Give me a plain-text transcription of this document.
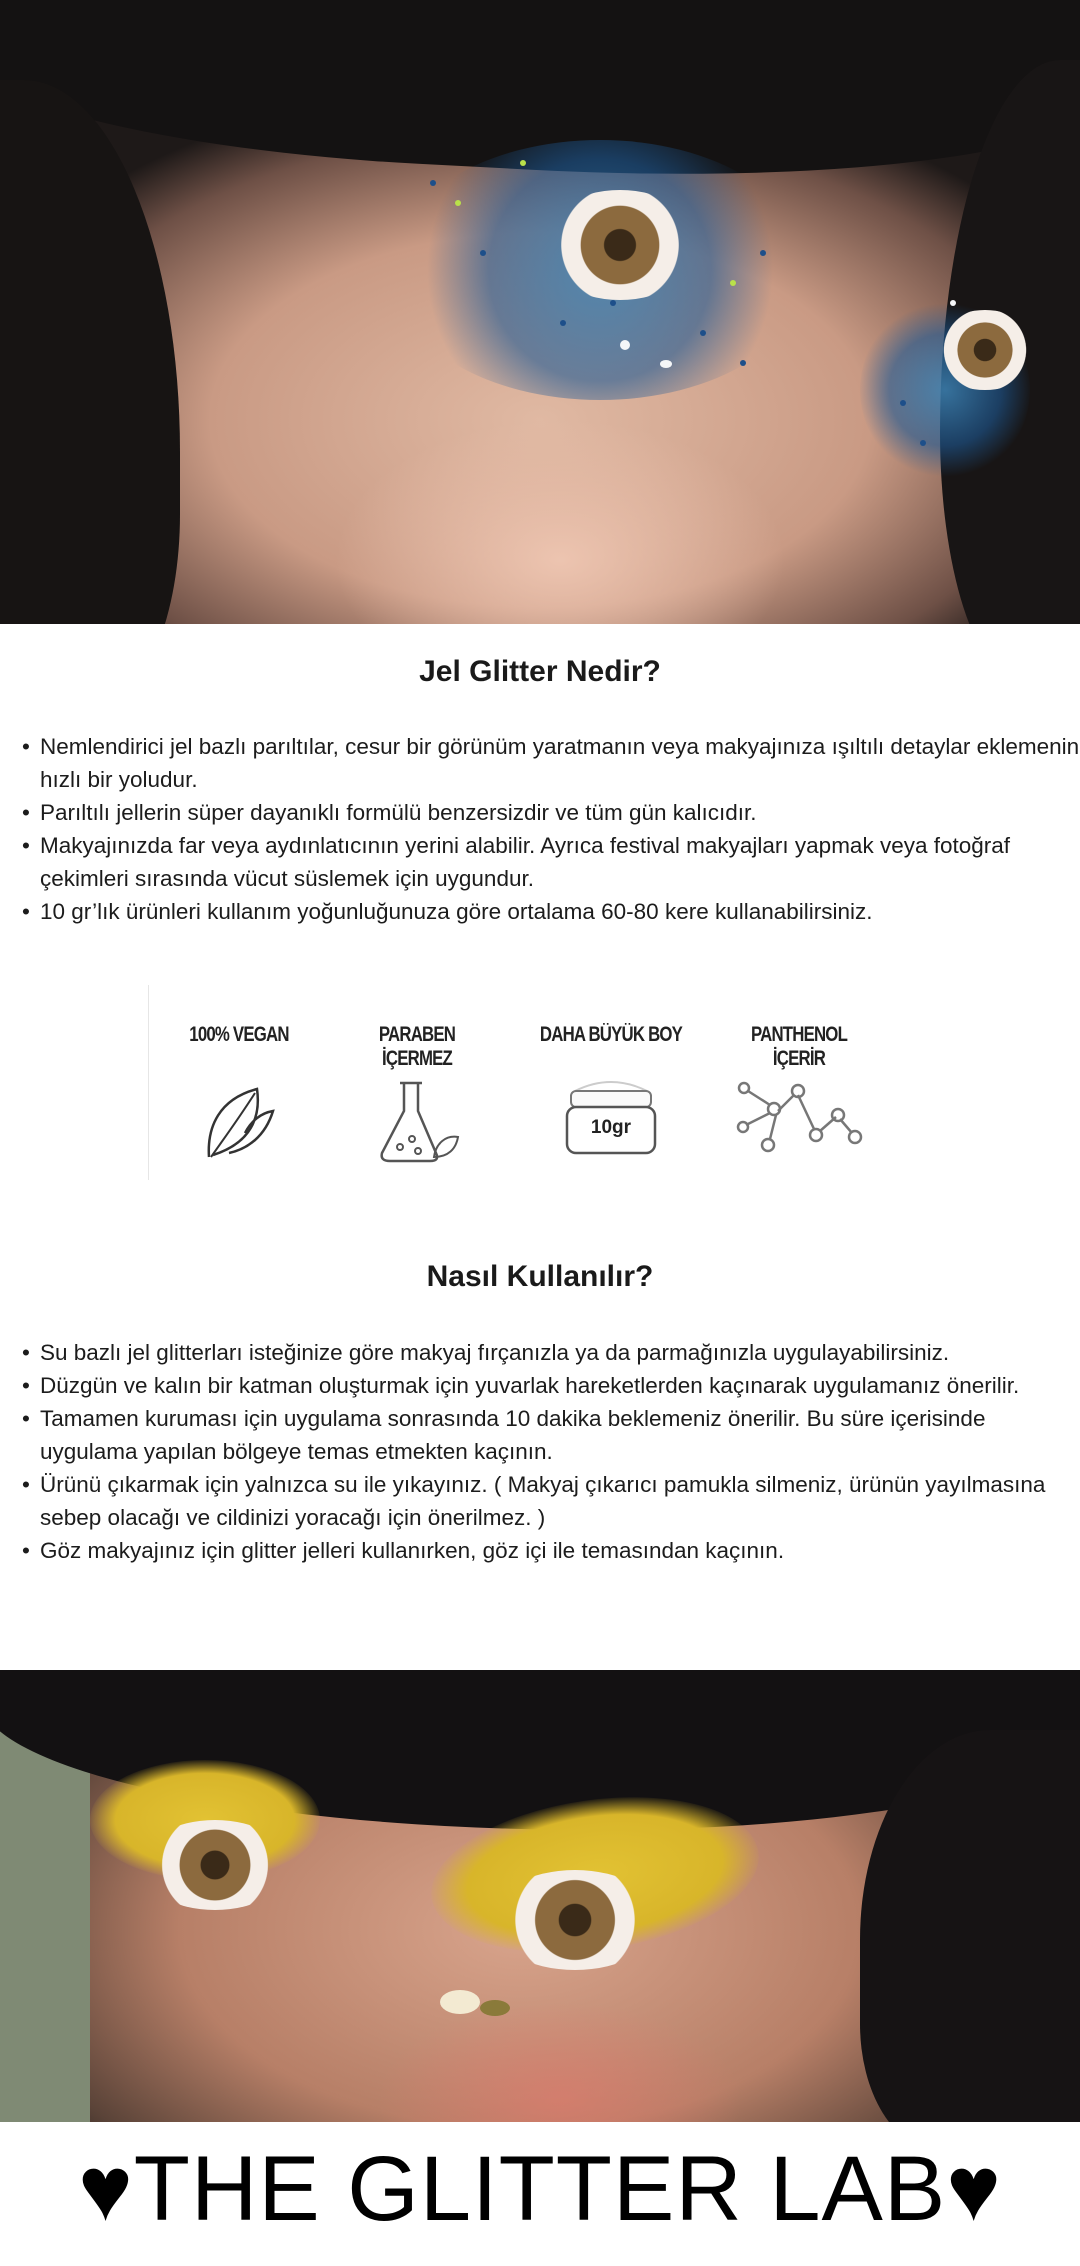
Jel Glitter Nedir?
• Nemlendirici jel bazlı parıltılar, cesur bir görünüm yaratmanın veya makyajınıza ışıltılı detaylar eklemenin hızlı bir yoludur.
• Parıltılı jellerin süper dayanıklı formülü benzersizdir ve tüm gün kalıcıdır.
• Makyajınızda far veya aydınlatıcının yerini alabilir. Ayrıca festival makyajları yapmak veya fotoğraf çekimleri sırasında vücut süslemek için uygundur.
• 10 gr’lık ürünleri kullanım yoğunluğunuza göre ortalama 60-80 kere kullanabilirsiniz.
100% VEGAN	PARABEN İÇERMEZ
DAHA BÜYÜK BOY
10gr
PANTHENOL İÇERİR
Nasıl Kullanılır?
• Su bazlı jel glitterları isteğinize göre makyaj fırçanızla ya da parmağınızla uygulayabilirsiniz.
• Düzgün ve kalın bir katman oluşturmak için yuvarlak hareketlerden kaçınarak uygulamanız önerilir.
• Tamamen kuruması için uygulama sonrasında 10 dakika beklemeniz önerilir. Bu süre içerisinde uygulama yapılan bölgeye temas etmekten kaçının.
• Ürünü çıkarmak için yalnızca su ile yıkayınız. ( Makyaj çıkarıcı pamukla silmeniz, ürünün yayılmasına sebep olacağı ve cildinizi yoracağı için önerilmez. )
• Göz makyajınız için glitter jelleri kullanırken, göz içi ile temasından kaçının.
♥THE GLITTER LAB♥
